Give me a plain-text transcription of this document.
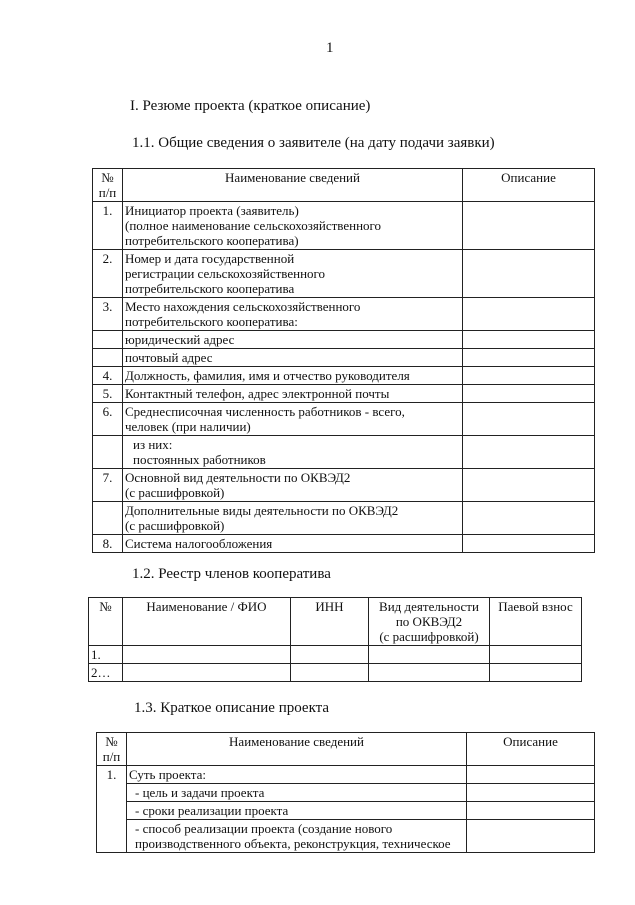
1
I. Резюме проекта (краткое описание)
1.1. Общие сведения о заявителе (на дату подачи заявки)
№
п/п	Наименование сведений	Описание
1.	Инициатор проекта (заявитель)
(полное наименование сельскохозяйственного
потребительского кооператива)	
2.	Номер и дата государственной
регистрации сельскохозяйственного
потребительского кооператива	
3.	Место нахождения сельскохозяйственного
потребительского кооператива:	
	юридический адрес	
	почтовый адрес	
4.	Должность, фамилия, имя и отчество руководителя	
5.	Контактный телефон, адрес электронной почты	
6.	Среднесписочная численность работников - всего,
человек (при наличии)	
	из них:
постоянных работников	
7.	Основной вид деятельности по ОКВЭД2
(с расшифровкой)	
	Дополнительные виды деятельности по ОКВЭД2
(с расшифровкой)	
8.	Система налогообложения	
1.2. Реестр членов кооператива
№	Наименование / ФИО	ИНН	Вид деятельности
по ОКВЭД2
(с расшифровкой)	Паевой взнос
1.				
2…				
1.3. Краткое описание проекта
№
п/п	Наименование сведений	Описание
1.	Суть проекта:	
	- цель и задачи проекта	
	- сроки реализации проекта	
	- способ реализации проекта (создание нового
производственного объекта, реконструкция, техническое	
